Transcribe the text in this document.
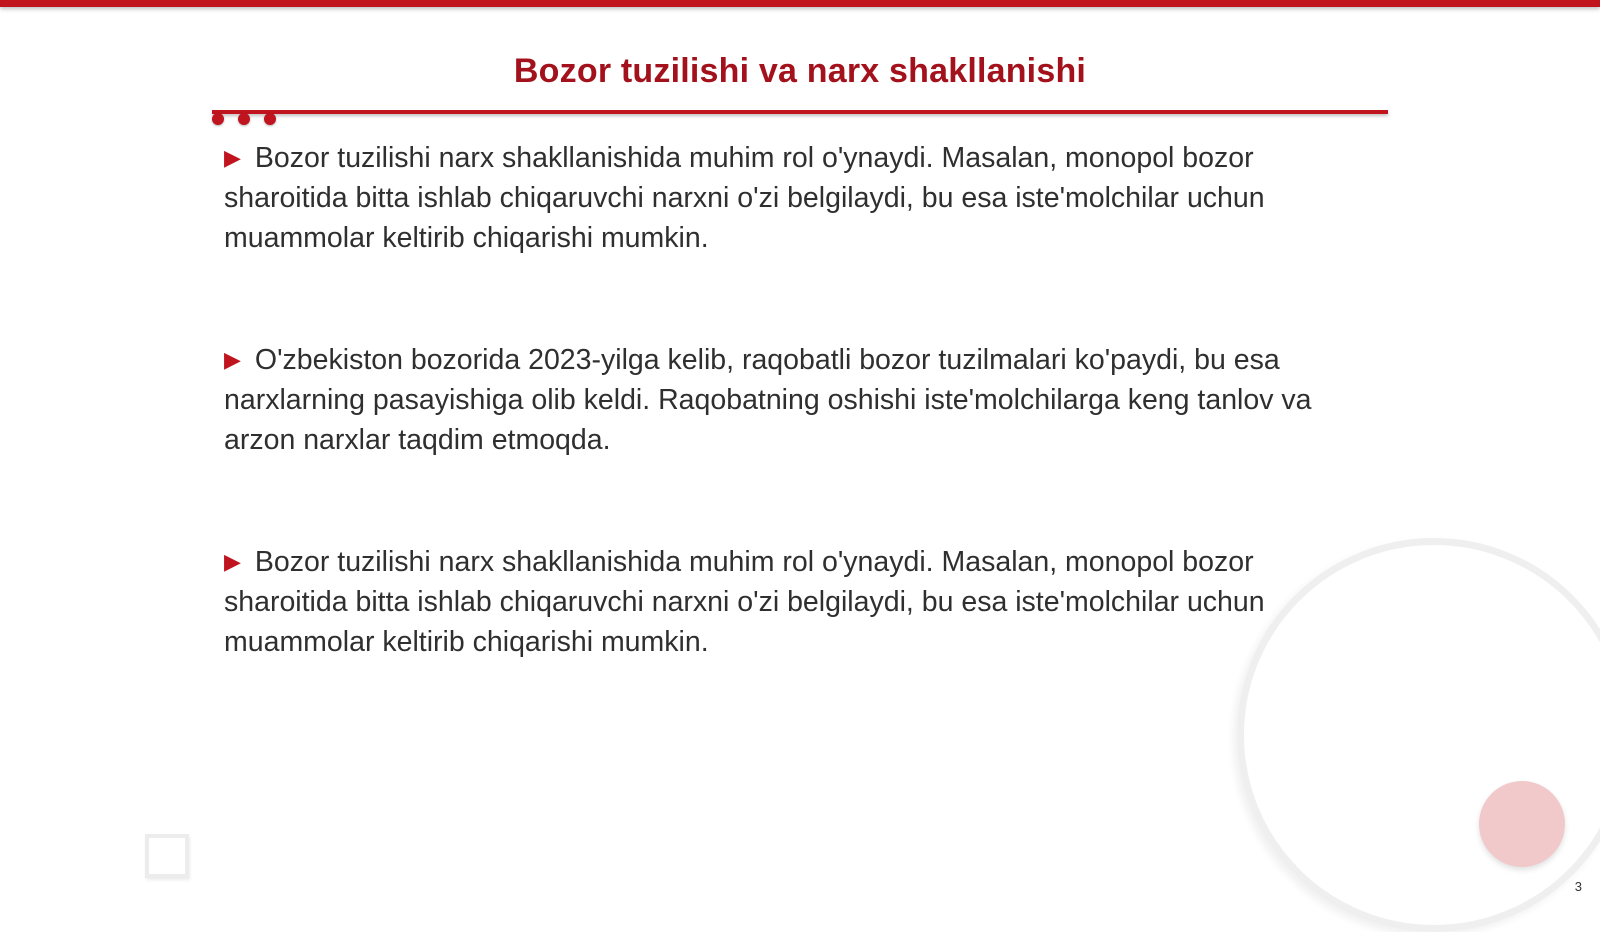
Bozor tuzilishi va narx shakllanishi

▶ Bozor tuzilishi narx shakllanishida muhim rol o'ynaydi. Masalan, monopol bozor sharoitida bitta ishlab chiqaruvchi narxni o'zi belgilaydi, bu esa iste'molchilar uchun muammolar keltirib chiqarishi mumkin.

▶ O'zbekiston bozorida 2023-yilga kelib, raqobatli bozor tuzilmalari ko'paydi, bu esa narxlarning pasayishiga olib keldi. Raqobatning oshishi iste'molchilarga keng tanlov va arzon narxlar taqdim etmoqda.

▶ Bozor tuzilishi narx shakllanishida muhim rol o'ynaydi. Masalan, monopol bozor sharoitida bitta ishlab chiqaruvchi narxni o'zi belgilaydi, bu esa iste'molchilar uchun muammolar keltirib chiqarishi mumkin.

3
